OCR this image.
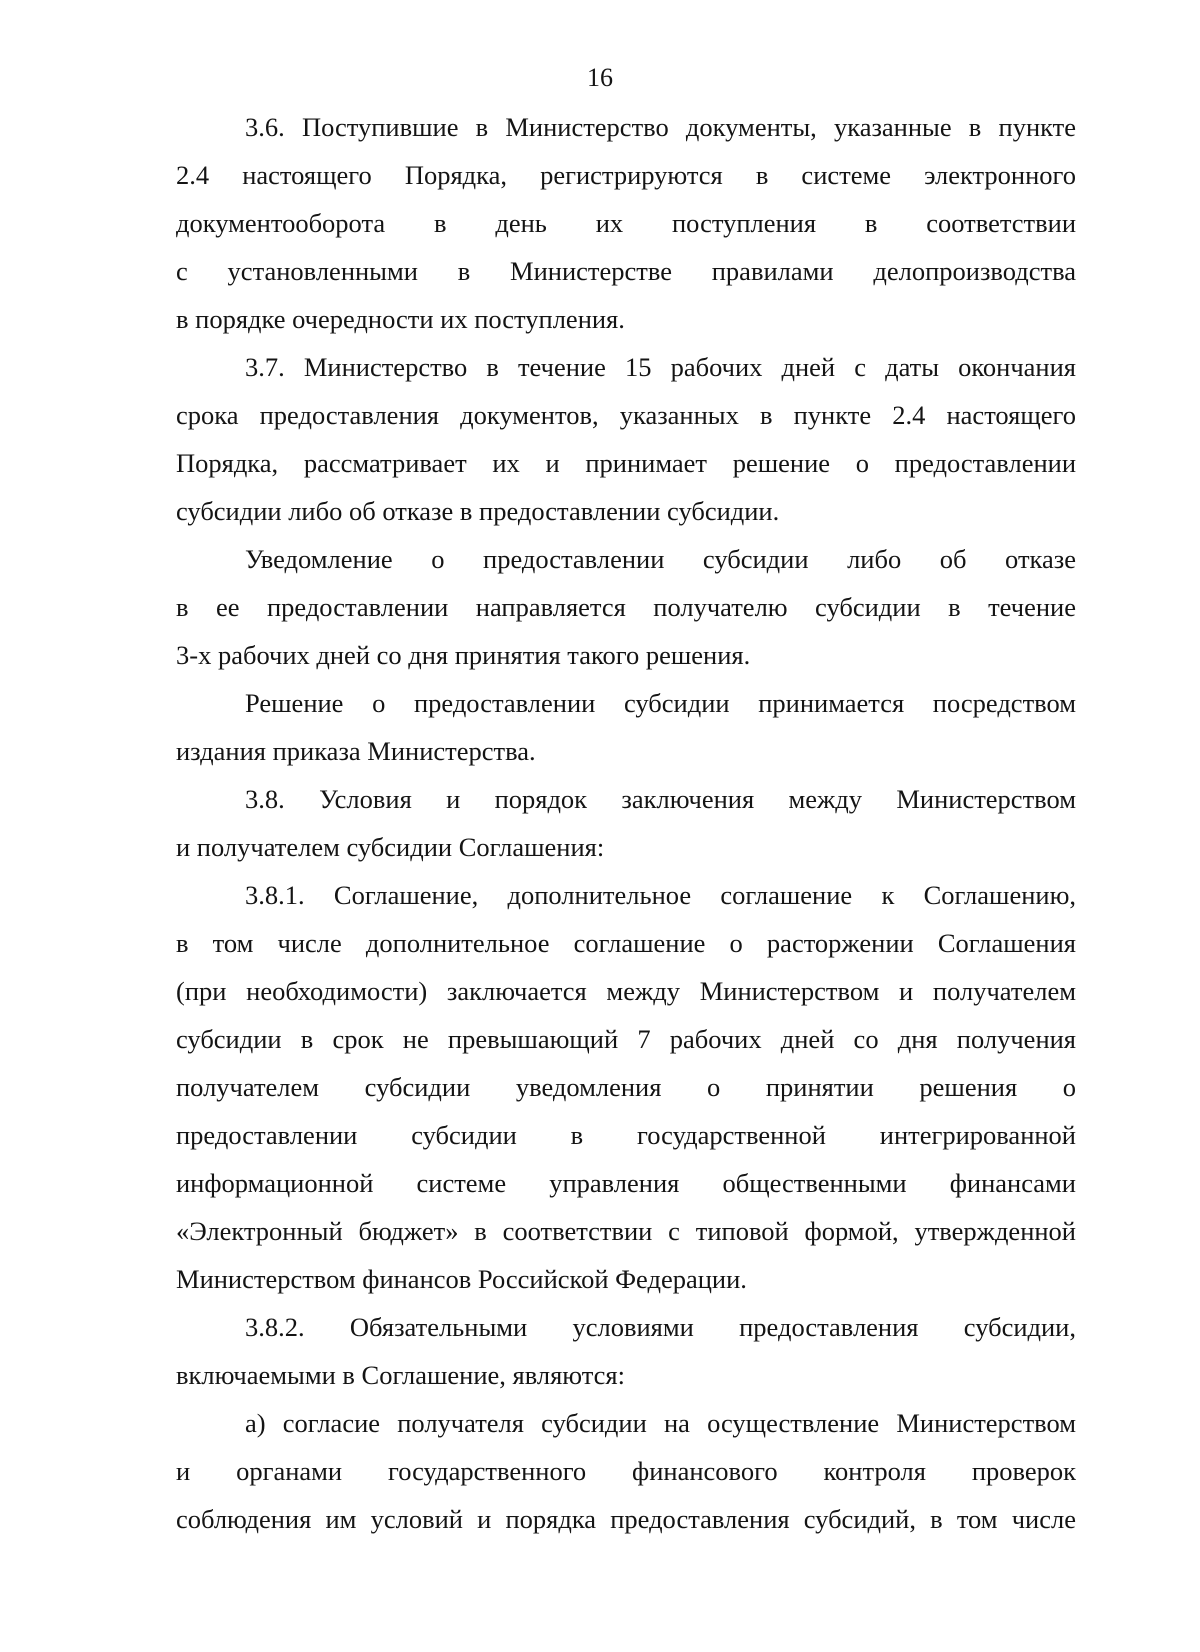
16
3.6. Поступившие в Министерство документы, указанные в пункте
2.4 настоящего Порядка, регистрируются в системе электронного
документооборота в день их поступления в соответствии
с установленными в Министерстве правилами делопроизводства
в порядке очередности их поступления.
3.7. Министерство в течение 15 рабочих дней с даты окончания
срока предоставления документов, указанных в пункте 2.4 настоящего
Порядка, рассматривает их и принимает решение о предоставлении
субсидии либо об отказе в предоставлении субсидии.
Уведомление о предоставлении субсидии либо об отказе
в ее предоставлении направляется получателю субсидии в течение
3-х рабочих дней со дня принятия такого решения.
Решение о предоставлении субсидии принимается посредством
издания приказа Министерства.
3.8. Условия и порядок заключения между Министерством
и получателем субсидии Соглашения:
3.8.1. Соглашение, дополнительное соглашение к Соглашению,
в том числе дополнительное соглашение о расторжении Соглашения
(при необходимости) заключается между Министерством и получателем
субсидии в срок не превышающий 7 рабочих дней со дня получения
получателем субсидии уведомления о принятии решения о
предоставлении субсидии в государственной интегрированной
информационной системе управления общественными финансами
«Электронный бюджет» в соответствии с типовой формой, утвержденной
Министерством финансов Российской Федерации.
3.8.2. Обязательными условиями предоставления субсидии,
включаемыми в Соглашение, являются:
а) согласие получателя субсидии на осуществление Министерством
и органами государственного финансового контроля проверок
соблюдения им условий и порядка предоставления субсидий, в том числе
